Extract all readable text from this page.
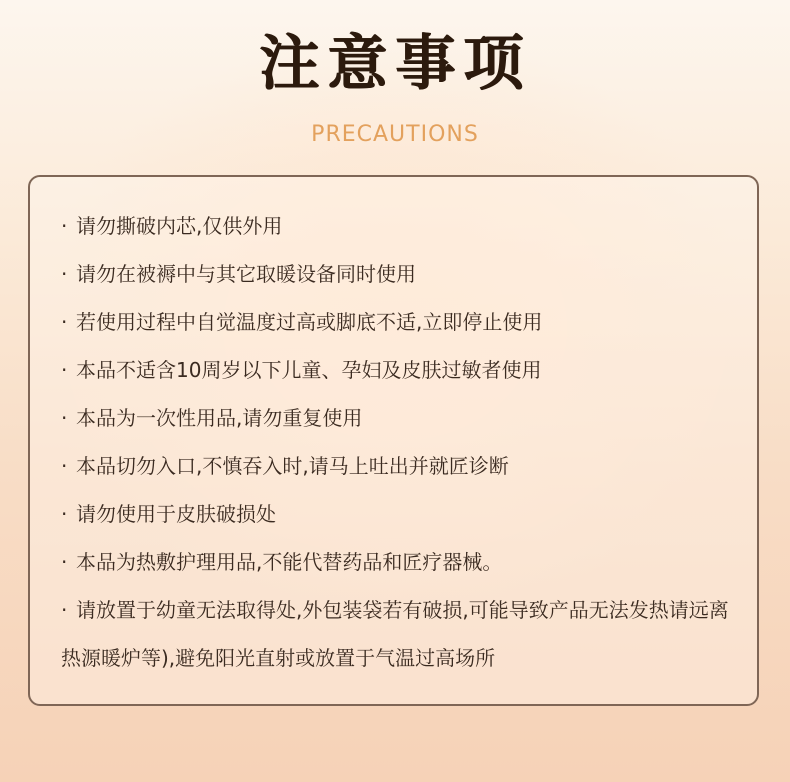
注意事项
PRECAUTIONS
· 请勿撕破内芯,仅供外用
· 请勿在被褥中与其它取暖设备同时使用
· 若使用过程中自觉温度过高或脚底不适,立即停止使用
· 本品不适含10周岁以下儿童、孕妇及皮肤过敏者使用
· 本品为一次性用品,请勿重复使用
· 本品切勿入口,不慎吞入时,请马上吐出并就匠诊断
· 请勿使用于皮肤破损处
· 本品为热敷护理用品,不能代替药品和匠疗器械。
· 请放置于幼童无法取得处,外包装袋若有破损,可能导致产品无法发热请远离热源暖炉等),避免阳光直射或放置于气温过高场所
